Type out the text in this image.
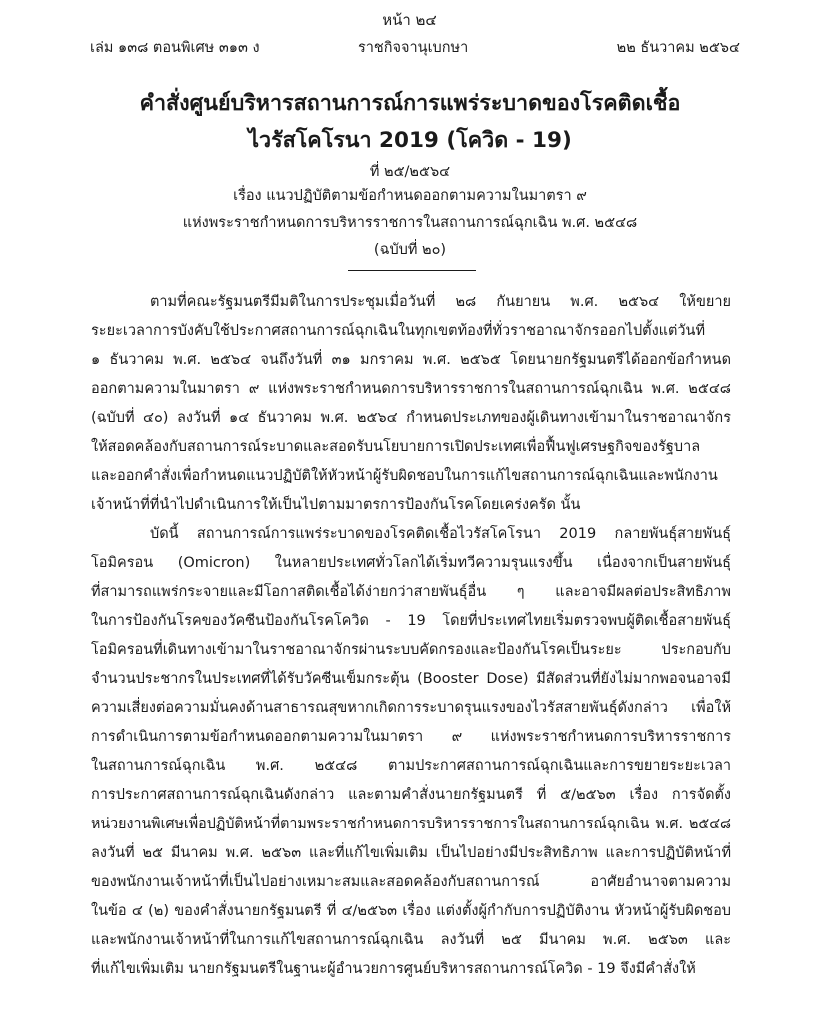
หน้า ๒๔
เล่ม ๑๓๘ ตอนพิเศษ ๓๑๓ ง	ราชกิจจานุเบกษา	๒๒ ธันวาคม ๒๕๖๔
คำสั่งศูนย์บริหารสถานการณ์การแพร่ระบาดของโรคติดเชื้อ
ไวรัสโคโรนา 2019 (โควิด - 19)
ที่ ๒๕/๒๕๖๔
เรื่อง แนวปฏิบัติตามข้อกำหนดออกตามความในมาตรา ๙
แห่งพระราชกำหนดการบริหารราชการในสถานการณ์ฉุกเฉิน พ.ศ. ๒๕๔๘
(ฉบับที่ ๒๐)
ตามที่คณะรัฐมนตรีมีมติในการประชุมเมื่อวันที่ ๒๘ กันยายน พ.ศ. ๒๕๖๔ ให้ขยาย
ระยะเวลาการบังคับใช้ประกาศสถานการณ์ฉุกเฉินในทุกเขตท้องที่ทั่วราชอาณาจักรออกไปตั้งแต่วันที่
๑ ธันวาคม พ.ศ. ๒๕๖๔ จนถึงวันที่ ๓๑ มกราคม พ.ศ. ๒๕๖๕ โดยนายกรัฐมนตรีได้ออกข้อกำหนด
ออกตามความในมาตรา ๙ แห่งพระราชกำหนดการบริหารราชการในสถานการณ์ฉุกเฉิน พ.ศ. ๒๕๔๘
(ฉบับที่ ๔๐) ลงวันที่ ๑๔ ธันวาคม พ.ศ. ๒๕๖๔ กำหนดประเภทของผู้เดินทางเข้ามาในราชอาณาจักร
ให้สอดคล้องกับสถานการณ์ระบาดและสอดรับนโยบายการเปิดประเทศเพื่อฟื้นฟูเศรษฐกิจของรัฐบาล
และออกคำสั่งเพื่อกำหนดแนวปฏิบัติให้หัวหน้าผู้รับผิดชอบในการแก้ไขสถานการณ์ฉุกเฉินและพนักงาน
เจ้าหน้าที่ที่นำไปดำเนินการให้เป็นไปตามมาตรการป้องกันโรคโดยเคร่งครัด นั้น
บัดนี้ สถานการณ์การแพร่ระบาดของโรคติดเชื้อไวรัสโคโรนา 2019 กลายพันธุ์สายพันธุ์
โอมิครอน (Omicron) ในหลายประเทศทั่วโลกได้เริ่มทวีความรุนแรงขึ้น เนื่องจากเป็นสายพันธุ์
ที่สามารถแพร่กระจายและมีโอกาสติดเชื้อได้ง่ายกว่าสายพันธุ์อื่น ๆ และอาจมีผลต่อประสิทธิภาพ
ในการป้องกันโรคของวัคซีนป้องกันโรคโควิด - 19 โดยที่ประเทศไทยเริ่มตรวจพบผู้ติดเชื้อสายพันธุ์
โอมิครอนที่เดินทางเข้ามาในราชอาณาจักรผ่านระบบคัดกรองและป้องกันโรคเป็นระยะ ประกอบกับ
จำนวนประชากรในประเทศที่ได้รับวัคซีนเข็มกระตุ้น (Booster Dose) มีสัดส่วนที่ยังไม่มากพอจนอาจมี
ความเสี่ยงต่อความมั่นคงด้านสาธารณสุขหากเกิดการระบาดรุนแรงของไวรัสสายพันธุ์ดังกล่าว เพื่อให้
การดำเนินการตามข้อกำหนดออกตามความในมาตรา ๙ แห่งพระราชกำหนดการบริหารราชการ
ในสถานการณ์ฉุกเฉิน พ.ศ. ๒๕๔๘ ตามประกาศสถานการณ์ฉุกเฉินและการขยายระยะเวลา
การประกาศสถานการณ์ฉุกเฉินดังกล่าว และตามคำสั่งนายกรัฐมนตรี ที่ ๕/๒๕๖๓ เรื่อง การจัดตั้ง
หน่วยงานพิเศษเพื่อปฏิบัติหน้าที่ตามพระราชกำหนดการบริหารราชการในสถานการณ์ฉุกเฉิน พ.ศ. ๒๕๔๘
ลงวันที่ ๒๕ มีนาคม พ.ศ. ๒๕๖๓ และที่แก้ไขเพิ่มเติม เป็นไปอย่างมีประสิทธิภาพ และการปฏิบัติหน้าที่
ของพนักงานเจ้าหน้าที่เป็นไปอย่างเหมาะสมและสอดคล้องกับสถานการณ์ อาศัยอำนาจตามความ
ในข้อ ๔ (๒) ของคำสั่งนายกรัฐมนตรี ที่ ๔/๒๕๖๓ เรื่อง แต่งตั้งผู้กำกับการปฏิบัติงาน หัวหน้าผู้รับผิดชอบ
และพนักงานเจ้าหน้าที่ในการแก้ไขสถานการณ์ฉุกเฉิน ลงวันที่ ๒๕ มีนาคม พ.ศ. ๒๕๖๓ และ
ที่แก้ไขเพิ่มเติม นายกรัฐมนตรีในฐานะผู้อำนวยการศูนย์บริหารสถานการณ์โควิด - 19 จึงมีคำสั่งให้
